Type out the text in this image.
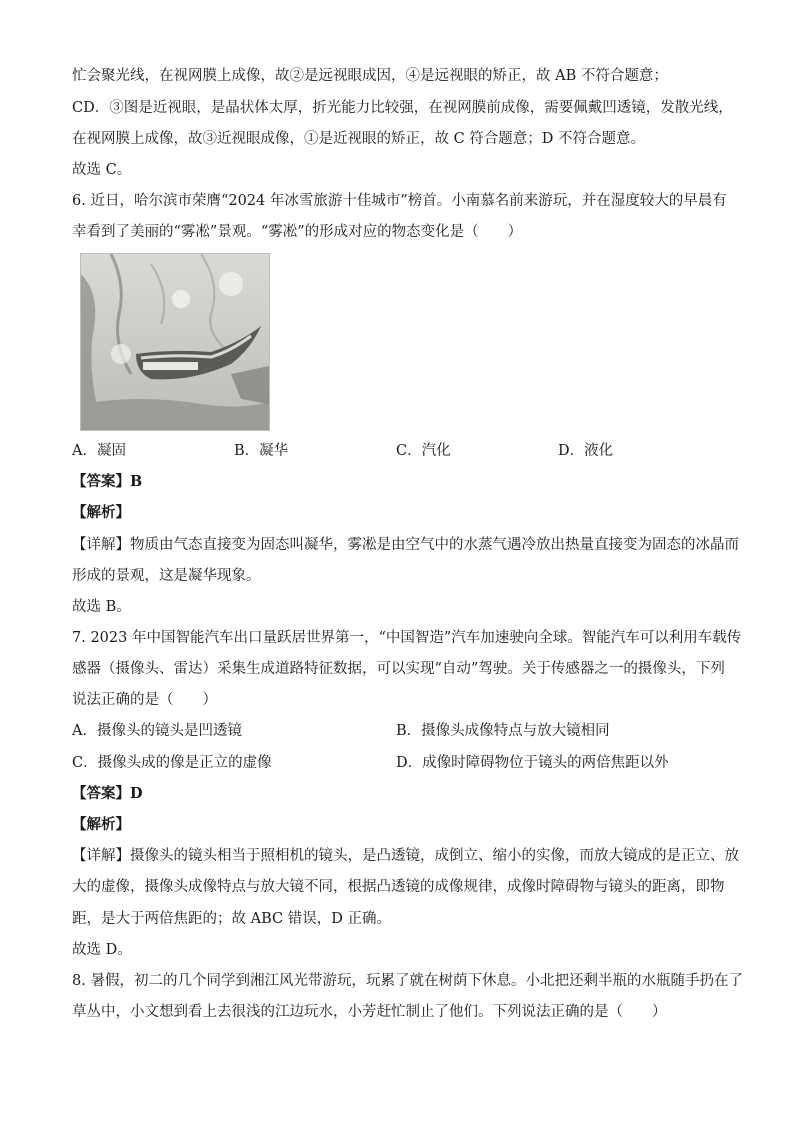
忙会聚光线，在视网膜上成像，故②是远视眼成因，④是远视眼的矫正，故 AB 不符合题意；
CD．③图是近视眼，是晶状体太厚，折光能力比较强，在视网膜前成像，需要佩戴凹透镜，发散光线，
在视网膜上成像，故③近视眼成像，①是近视眼的矫正，故 C 符合题意；D 不符合题意。
故选 C。
6. 近日，哈尔滨市荣膺“2024 年冰雪旅游十佳城市”榜首。小南慕名前来游玩，并在湿度较大的早晨有
幸看到了美丽的“雾凇”景观。“雾凇”的形成对应的物态变化是（　　）
A．凝固	B．凝华	C．汽化	D．液化
【答案】B
【解析】
【详解】物质由气态直接变为固态叫凝华，雾凇是由空气中的水蒸气遇冷放出热量直接变为固态的冰晶而
形成的景观，这是凝华现象。
故选 B。
7. 2023 年中国智能汽车出口量跃居世界第一，“中国智造”汽车加速驶向全球。智能汽车可以利用车载传
感器（摄像头、雷达）采集生成道路特征数据，可以实现“自动”驾驶。关于传感器之一的摄像头，下列
说法正确的是（　　）
A．摄像头的镜头是凹透镜	B．摄像头成像特点与放大镜相同
C．摄像头成的像是正立的虚像	D．成像时障碍物位于镜头的两倍焦距以外
【答案】D
【解析】
【详解】摄像头的镜头相当于照相机的镜头，是凸透镜，成倒立、缩小的实像，而放大镜成的是正立、放
大的虚像，摄像头成像特点与放大镜不同，根据凸透镜的成像规律，成像时障碍物与镜头的距离，即物
距，是大于两倍焦距的；故 ABC 错误，D 正确。
故选 D。
8. 暑假，初二的几个同学到湘江风光带游玩，玩累了就在树荫下休息。小北把还剩半瓶的水瓶随手扔在了
草丛中，小文想到看上去很浅的江边玩水，小芳赶忙制止了他们。下列说法正确的是（　　）
